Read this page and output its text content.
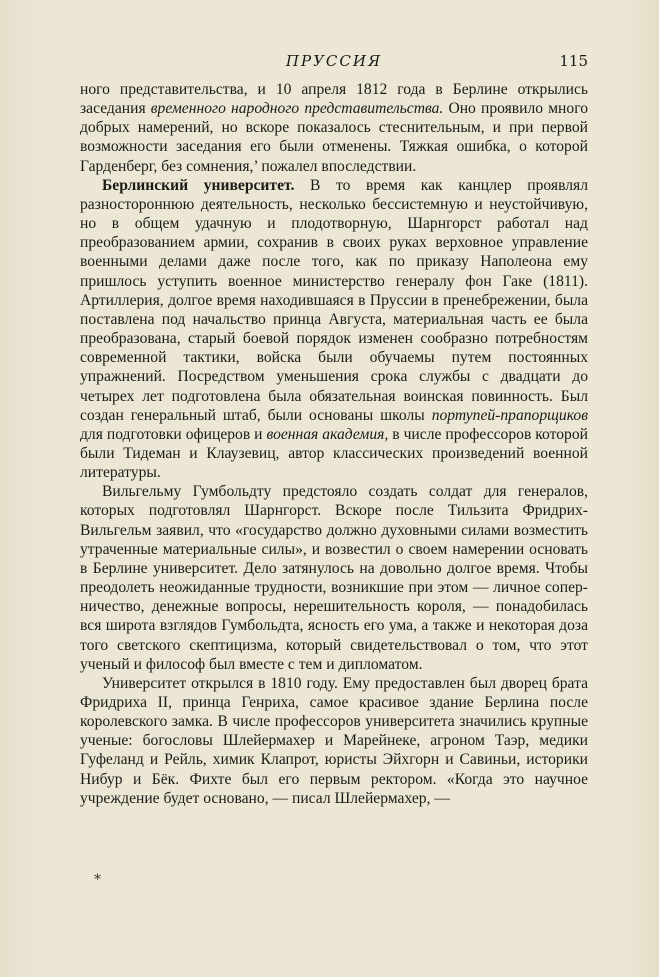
ПРУССИЯ	115

ного представительства, и 10 апреля 1812 года в Берлине открылись заседания временного народного представительства. Оно проявило много добрых намерений, но вскоре показалось стеснительным, и при первой возможности заседания его были отменены. Тяжкая ошибка, о которой Гарденберг, без сомнения,’ пожалел впоследствии.

Берлинский университет. В то время как канцлер проявлял разностороннюю деятельность, несколько бессистемную и неустойчивую, но в общем удачную и плодотворную, Шарнгорст работал над преобразованием армии, сохранив в своих руках верховное управление военными делами даже после того, как по приказу Наполеона ему пришлось уступить военное министерство генералу фон Гаке (1811). Артиллерия, долгое время находившаяся в Пруссии в пренебрежении, была поставлена под начальство принца Августа, материальная часть ее была преобразована, старый боевой порядок изменен сообразно потребностям современной тактики, войска были обучаемы путем постоянных упражнений. Посредством уменьшения срока службы с двадцати до четырех лет подготовлена была обязательная воинская повинность. Был создан генеральный штаб, были основаны школы портупей-прапорщиков для подготовки офицеров и военная академия, в числе профессоров которой были Тидеман и Клаузевиц, автор классических произведений военной литературы.

Вильгельму Гумбольдту предстояло создать солдат для генералов, которых подготовлял Шарнгорст. Вскоре после Тильзита Фридрих-Вильгельм заявил, что «государство должно духовными силами возместить утраченные материальные силы», и возвестил о своем намерении основать в Берлине университет. Дело затянулось на довольно долгое время. Чтобы преодолеть неожиданные трудности, возникшие при этом — личное соперничество, денежные вопросы, нерешительность короля, — понадобилась вся широта взглядов Гумбольдта, ясность его ума, а также и некоторая доза того светского скептицизма, который свидетельствовал о том, что этот ученый и философ был вместе с тем и дипломатом.

Университет открылся в 1810 году. Ему предоставлен был дворец брата Фридриха II, принца Генриха, самое красивое здание Берлина после королевского замка. В числе профессоров университета значились крупные ученые: богословы Шлейермахер и Марейнеке, агроном Таэр, медики Гуфеланд и Рейль, химик Клапрот, юристы Эйхгорн и Савиньи, историки Нибур и Бёк. Фихте был его первым ректором. «Когда это научное учреждение будет основано, — писал Шлейермахер, —

*
